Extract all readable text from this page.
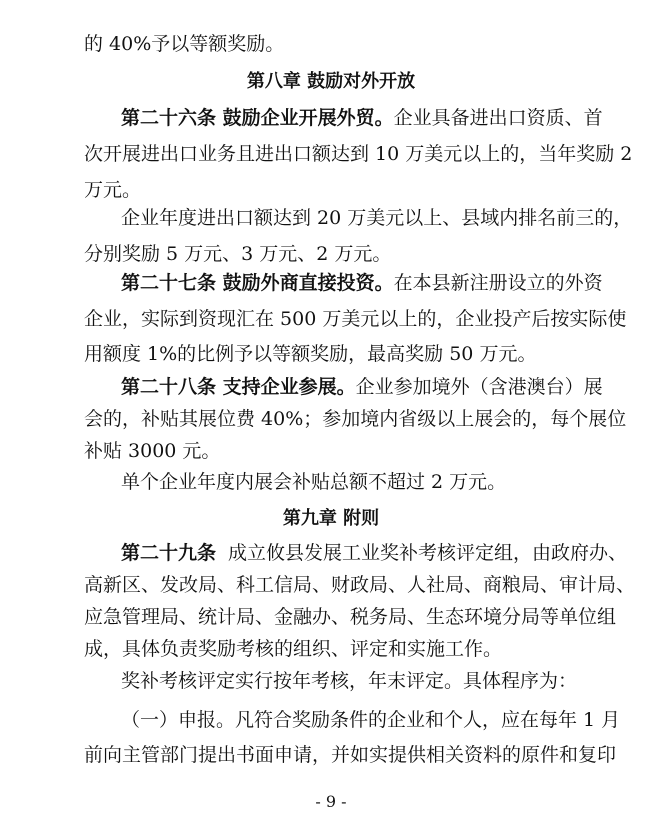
的 40%予以等额奖励。
第八章 鼓励对外开放
第二十六条 鼓励企业开展外贸。企业具备进出口资质、首
次开展进出口业务且进出口额达到 10 万美元以上的，当年奖励 2
万元。
企业年度进出口额达到 20 万美元以上、县域内排名前三的，
分别奖励 5 万元、3 万元、2 万元。
第二十七条 鼓励外商直接投资。在本县新注册设立的外资
企业，实际到资现汇在 500 万美元以上的，企业投产后按实际使
用额度 1%的比例予以等额奖励，最高奖励 50 万元。
第二十八条 支持企业参展。企业参加境外（含港澳台）展
会的，补贴其展位费 40%；参加境内省级以上展会的，每个展位
补贴 3000 元。
单个企业年度内展会补贴总额不超过 2 万元。
第九章 附则
第二十九条 成立攸县发展工业奖补考核评定组，由政府办、
高新区、发改局、科工信局、财政局、人社局、商粮局、审计局、
应急管理局、统计局、金融办、税务局、生态环境分局等单位组
成，具体负责奖励考核的组织、评定和实施工作。
奖补考核评定实行按年考核，年末评定。具体程序为：
（一）申报。凡符合奖励条件的企业和个人，应在每年 1 月
前向主管部门提出书面申请，并如实提供相关资料的原件和复印
- 9 -
